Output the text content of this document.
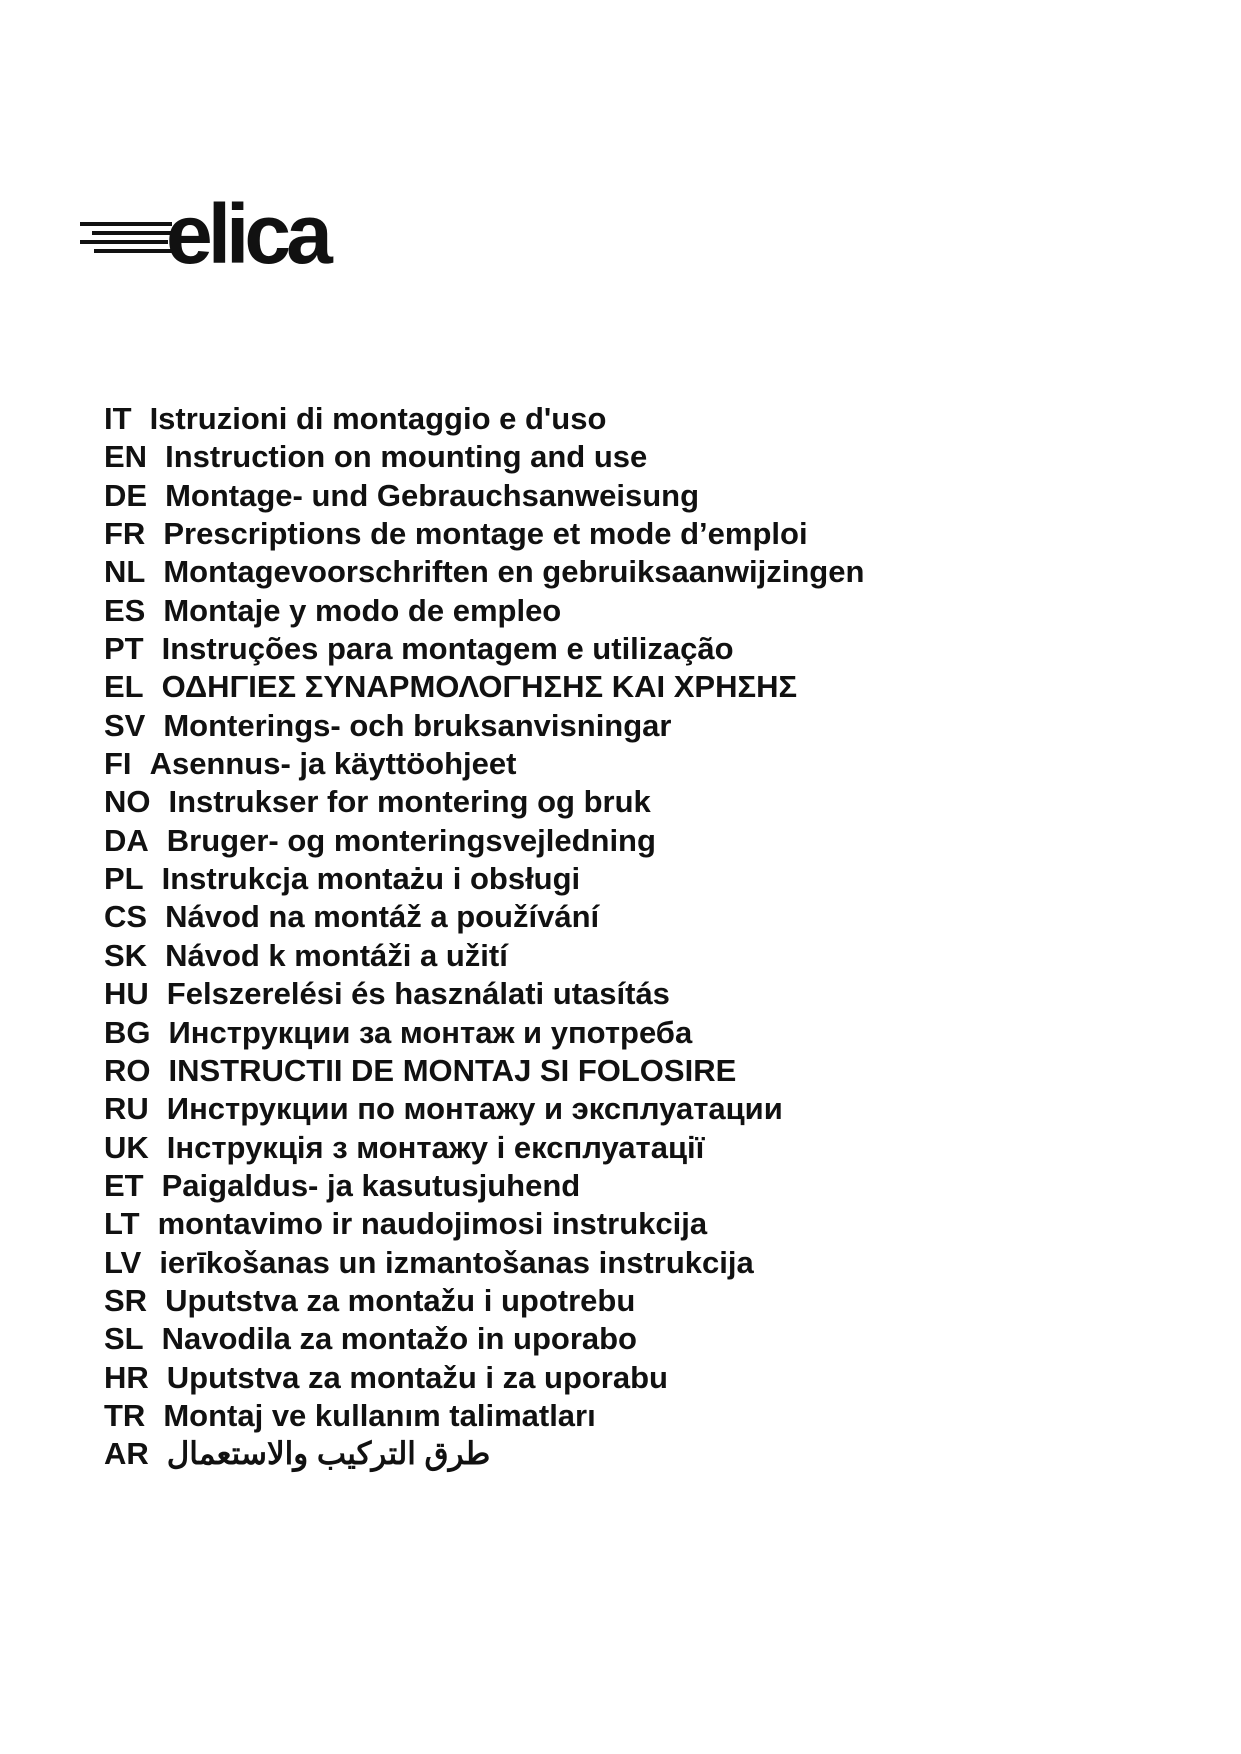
elica
IT Istruzioni di montaggio e d'uso
EN Instruction on mounting and use
DE Montage- und Gebrauchsanweisung
FR Prescriptions de montage et mode d’emploi
NL Montagevoorschriften en gebruiksaanwijzingen
ES Montaje y modo de empleo
PT Instruções para montagem e utilização
EL ΟΔΗΓΙΕΣ ΣΥΝΑΡΜΟΛΟΓΗΣΗΣ ΚΑΙ ΧΡΗΣΗΣ
SV Monterings- och bruksanvisningar
FI Asennus- ja käyttöohjeet
NO Instrukser for montering og bruk
DA Bruger- og monteringsvejledning
PL Instrukcja montażu i obsługi
CS Návod na montáž a používání
SK Návod k montáži a užití
HU Felszerelési és használati utasítás
BG Инструкции за монтаж и употреба
RO INSTRUCTII DE MONTAJ SI FOLOSIRE
RU Инструкции по монтажу и эксплуатации
UK Інструкція з монтажу і експлуатації
ET Paigaldus- ja kasutusjuhend
LT montavimo ir naudojimosi instrukcija
LV ierīkošanas un izmantošanas instrukcija
SR Uputstva za montažu i upotrebu
SL Navodila za montažo in uporabo
HR Uputstva za montažu i za uporabu
TR Montaj ve kullanım talimatları
AR طرق التركيب والاستعمال
